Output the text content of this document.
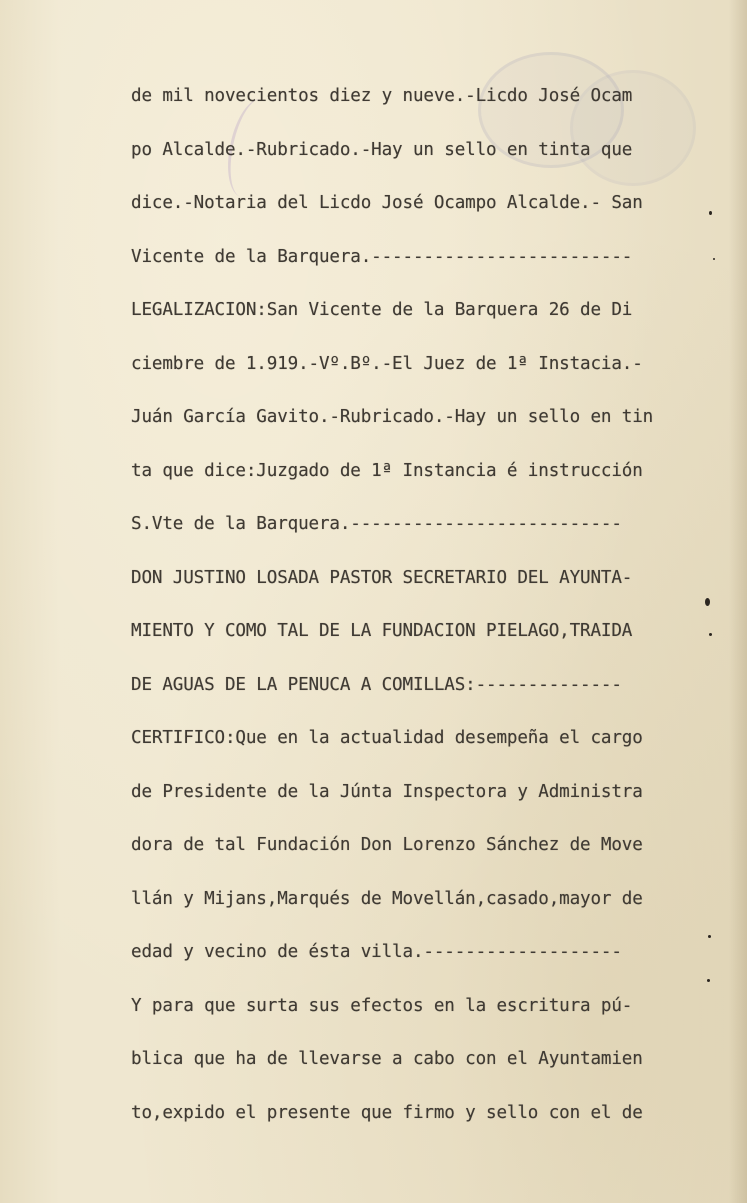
de mil novecientos diez y nueve.-Licdo José Ocam
po Alcalde.-Rubricado.-Hay un sello en tinta que
dice.-Notaria del Licdo José Ocampo Alcalde.- San
Vicente de la Barquera.-------------------------
LEGALIZACION:San Vicente de la Barquera 26 de Di
ciembre de 1.919.-Vº.Bº.-El Juez de 1ª Instacia.-
Juán García Gavito.-Rubricado.-Hay un sello en tin
ta que dice:Juzgado de 1ª Instancia é instrucción
S.Vte de la Barquera.--------------------------
DON JUSTINO LOSADA PASTOR SECRETARIO DEL AYUNTA-
MIENTO Y COMO TAL DE LA FUNDACION PIELAGO,TRAIDA
DE AGUAS DE LA PENUCA A COMILLAS:--------------
CERTIFICO:Que en la actualidad desempeña el cargo
de Presidente de la Júnta Inspectora y Administra
dora de tal Fundación Don Lorenzo Sánchez de Move
llán y Mijans,Marqués de Movellán,casado,mayor de
edad y vecino de ésta villa.-------------------
Y para que surta sus efectos en la escritura pú-
blica que ha de llevarse a cabo con el Ayuntamien
to,expido el presente que firmo y sello con el de
